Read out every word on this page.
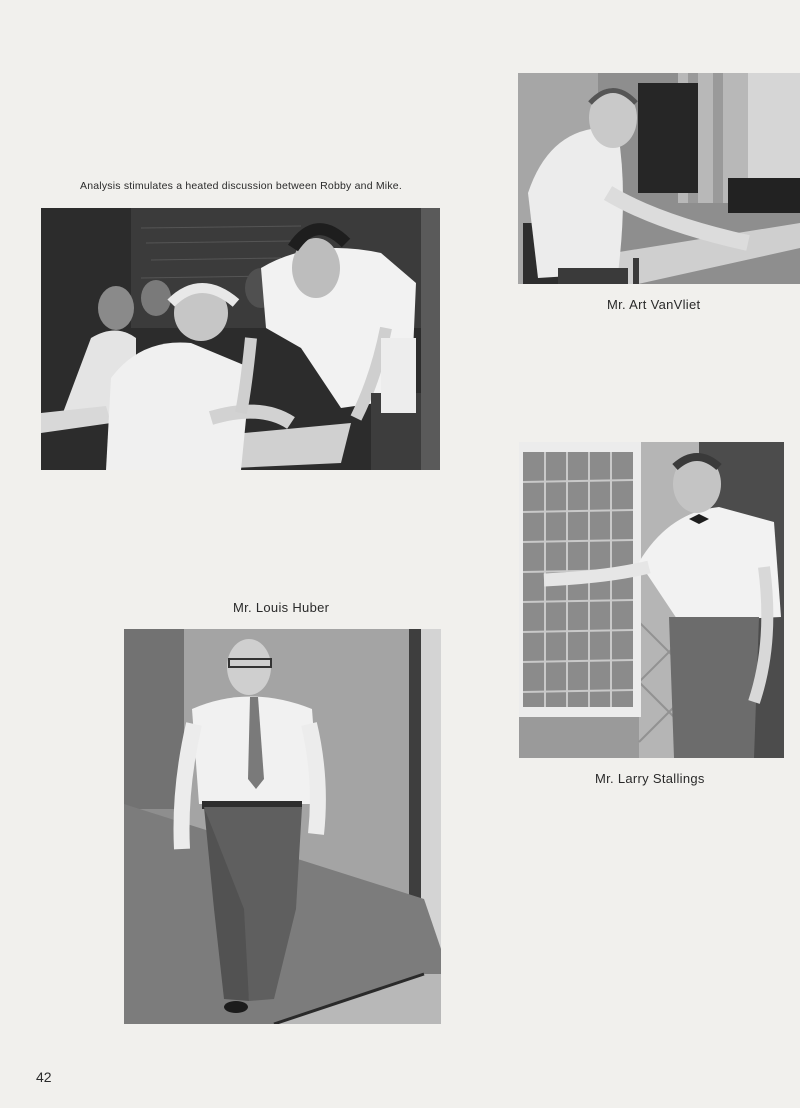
Mr. Art VanVliet
Analysis stimulates a heated discussion between Robby and Mike.
Mr. Larry Stallings
Mr. Louis Huber
42
